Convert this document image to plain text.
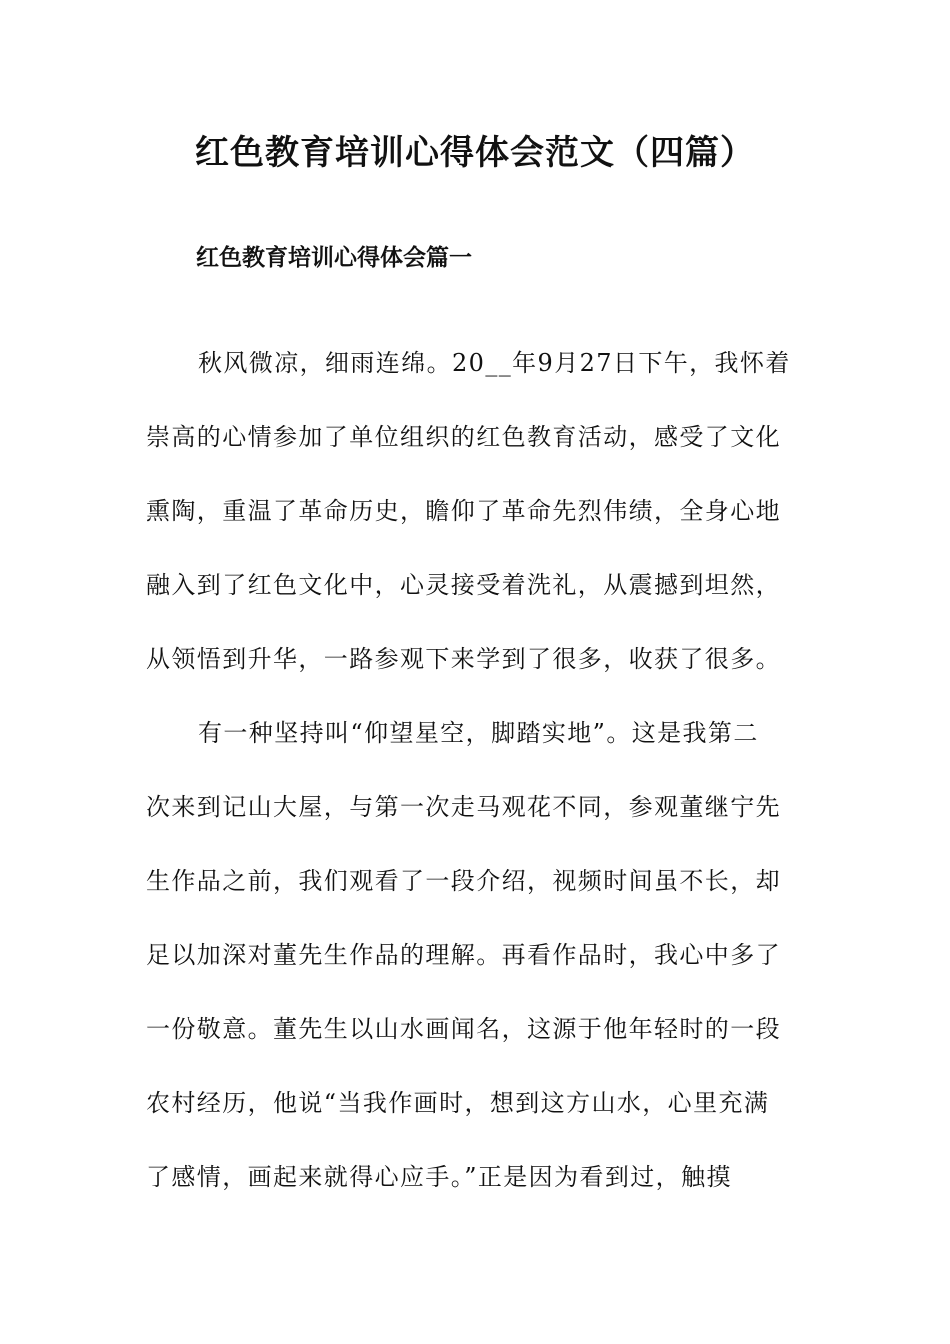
红色教育培训心得体会范文（四篇）
红色教育培训心得体会篇一
秋风微凉，细雨连绵。20__年9月27日下午，我怀着
崇高的心情参加了单位组织的红色教育活动，感受了文化
熏陶，重温了革命历史，瞻仰了革命先烈伟绩，全身心地
融入到了红色文化中，心灵接受着洗礼，从震撼到坦然，
从领悟到升华，一路参观下来学到了很多，收获了很多。
有一种坚持叫“仰望星空，脚踏实地”。这是我第二
次来到记山大屋，与第一次走马观花不同，参观董继宁先
生作品之前，我们观看了一段介绍，视频时间虽不长，却
足以加深对董先生作品的理解。再看作品时，我心中多了
一份敬意。董先生以山水画闻名，这源于他年轻时的一段
农村经历，他说“当我作画时，想到这方山水，心里充满
了感情，画起来就得心应手。”正是因为看到过，触摸
